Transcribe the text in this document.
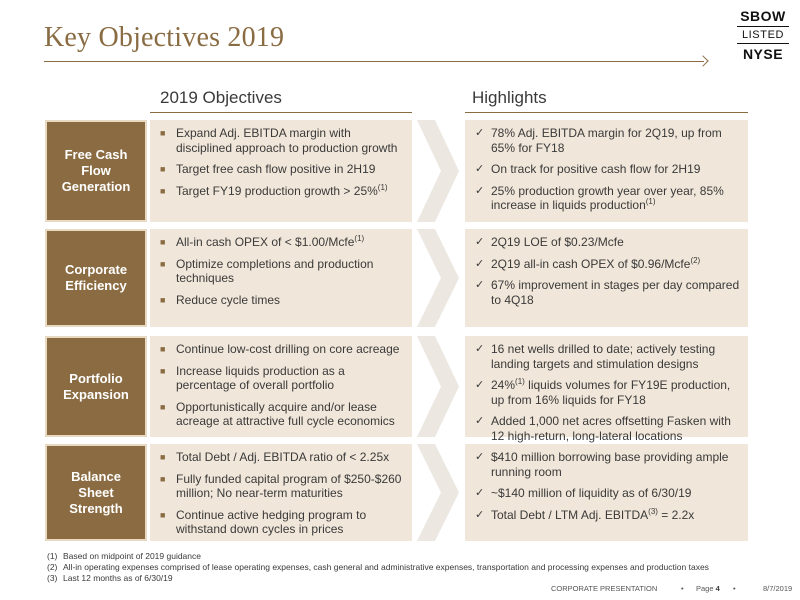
Key Objectives 2019
SBOW
LISTED
NYSE
2019 Objectives	Highlights
Free Cash Flow Generation
■ Expand Adj. EBITDA margin with disciplined approach to production growth
■ Target free cash flow positive in 2H19
■ Target FY19 production growth > 25%$^{(1)}$
✓ 78% Adj. EBITDA margin for 2Q19, up from 65% for FY18
✓ On track for positive cash flow for 2H19
✓ 25% production growth year over year, 85% increase in liquids production$^{(1)}$
Corporate Efficiency
■ All-in cash OPEX of < $1.00/Mcfe$^{(1)}$
■ Optimize completions and production techniques
■ Reduce cycle times
✓ 2Q19 LOE of $0.23/Mcfe
✓ 2Q19 all-in cash OPEX of $0.96/Mcfe$^{(2)}$
✓ 67% improvement in stages per day compared to 4Q18
Portfolio Expansion
■ Continue low-cost drilling on core acreage
■ Increase liquids production as a percentage of overall portfolio
■ Opportunistically acquire and/or lease acreage at attractive full cycle economics
✓ 16 net wells drilled to date; actively testing landing targets and stimulation designs
✓ 24%$^{(1)}$ liquids volumes for FY19E production, up from 16% liquids for FY18
✓ Added 1,000 net acres offsetting Fasken with 12 high-return, long-lateral locations
Balance Sheet Strength
■ Total Debt / Adj. EBITDA ratio of < 2.25x
■ Fully funded capital program of $250-$260 million; No near-term maturities
■ Continue active hedging program to withstand down cycles in prices
✓ $410 million borrowing base providing ample running room
✓ ~$140 million of liquidity as of 6/30/19
✓ Total Debt / LTM Adj. $EBITDA^{(3)} = 2.2x$
(1) Based on midpoint of 2019 guidance
(2) All-in operating expenses comprised of lease operating expenses, cash general and administrative expenses, transportation and processing expenses and production taxes
(3) Last 12 months as of 6/30/19
CORPORATE PRESENTATION	• Page 4 •	8/7/2019
